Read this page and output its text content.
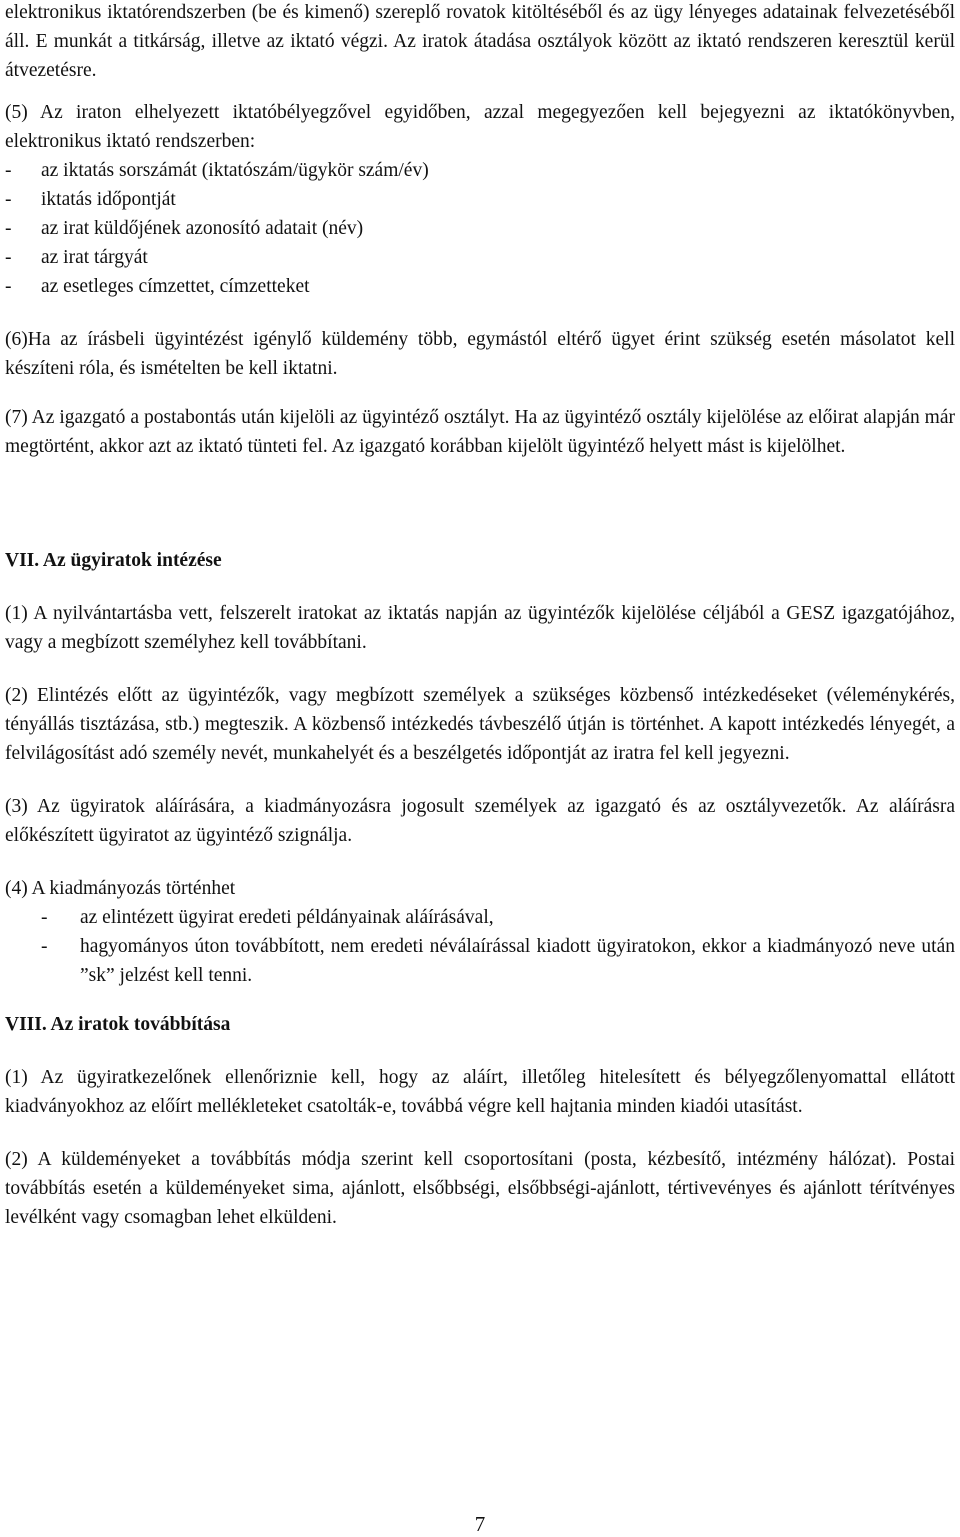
elektronikus iktatórendszerben (be és kimenő) szereplő rovatok kitöltéséből és az ügy lényeges adatainak felvezetéséből áll. E munkát a titkárság, illetve az iktató végzi. Az iratok átadása osztályok között az iktató rendszeren keresztül kerül átvezetésre.

(5) Az iraton elhelyezett iktatóbélyegzővel egyidőben, azzal megegyezően kell bejegyezni az iktatókönyvben, elektronikus iktató rendszerben:

- az iktatás sorszámát (iktatószám/ügykör szám/év)
- iktatás időpontját
- az irat küldőjének azonosító adatait (név)
- az irat tárgyát
- az esetleges címzettet, címzetteket

(6)Ha az írásbeli ügyintézést igénylő küldemény több, egymástól eltérő ügyet érint szükség esetén másolatot kell készíteni róla, és ismételten be kell iktatni.

(7) Az igazgató a postabontás után kijelöli az ügyintéző osztályt. Ha az ügyintéző osztály kijelölése az előirat alapján már megtörtént, akkor azt az iktató tünteti fel. Az igazgató korábban kijelölt ügyintéző helyett mást is kijelölhet.

VII. Az ügyiratok intézése

(1) A nyilvántartásba vett, felszerelt iratokat az iktatás napján az ügyintézők kijelölése céljából a GESZ igazgatójához, vagy a megbízott személyhez kell továbbítani.

(2) Elintézés előtt az ügyintézők, vagy megbízott személyek a szükséges közbenső intézkedéseket (véleménykérés, tényállás tisztázása, stb.) megteszik. A közbenső intézkedés távbeszélő útján is történhet. A kapott intézkedés lényegét, a felvilágosítást adó személy nevét, munkahelyét és a beszélgetés időpontját az iratra fel kell jegyezni.

(3) Az ügyiratok aláírására, a kiadmányozásra jogosult személyek az igazgató és az osztályvezetők. Az aláírásra előkészített ügyiratot az ügyintéző szignálja.

(4) A kiadmányozás történhet

- az elintézett ügyirat eredeti példányainak aláírásával,
- hagyományos úton továbbított, nem eredeti néválaírással kiadott ügyiratokon, ekkor a kiadmányozó neve után ”sk” jelzést kell tenni.
VIII. Az iratok továbbítása

(1) Az ügyiratkezelőnek ellenőriznie kell, hogy az aláírt, illetőleg hitelesített és bélyegzőlenyomattal ellátott kiadványokhoz az előírt mellékleteket csatolták-e, továbbá végre kell hajtania minden kiadói utasítást.

(2) A küldeményeket a továbbítás módja szerint kell csoportosítani (posta, kézbesítő, intézmény hálózat). Postai továbbítás esetén a küldeményeket sima, ajánlott, elsőbbségi, elsőbbségi-ajánlott, tértivevényes és ajánlott térítvényes levélként vagy csomagban lehet elküldeni.

7
